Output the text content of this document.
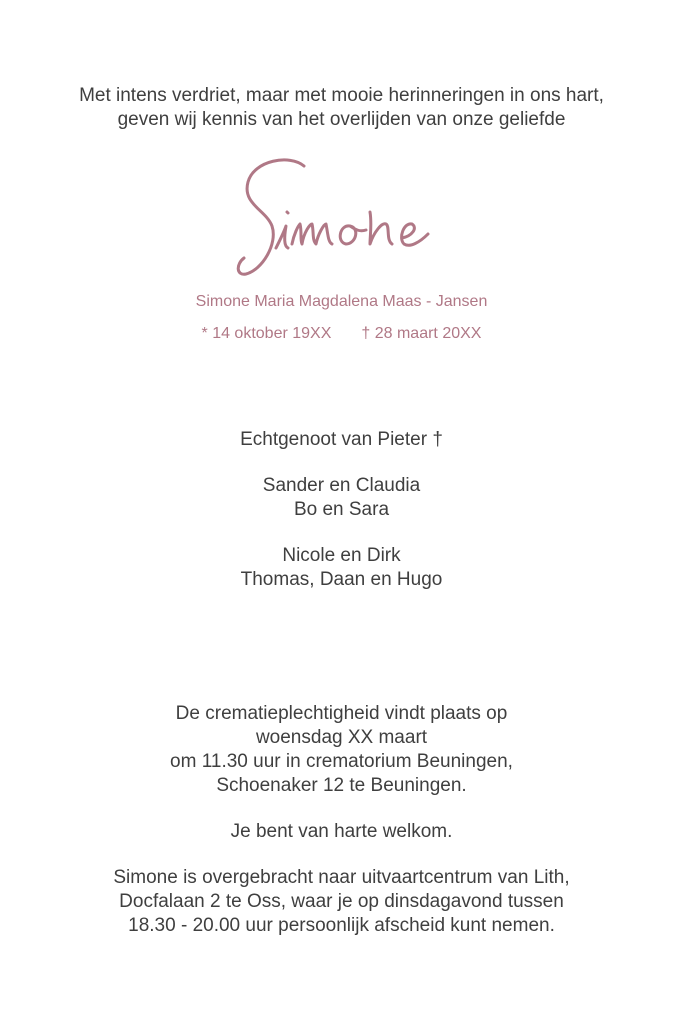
Met intens verdriet, maar met mooie herinneringen in ons hart,
geven wij kennis van het overlijden van onze geliefde
Simone Maria Magdalena Maas - Jansen
* 14 oktober 19XX † 28 maart 20XX
Echtgenoot van Pieter †
Sander en Claudia
Bo en Sara
Nicole en Dirk
Thomas, Daan en Hugo
De crematieplechtigheid vindt plaats op
woensdag XX maart
om 11.30 uur in crematorium Beuningen,
Schoenaker 12 te Beuningen.
Je bent van harte welkom.
Simone is overgebracht naar uitvaartcentrum van Lith,
Docfalaan 2 te Oss, waar je op dinsdagavond tussen
18.30 - 20.00 uur persoonlijk afscheid kunt nemen.
